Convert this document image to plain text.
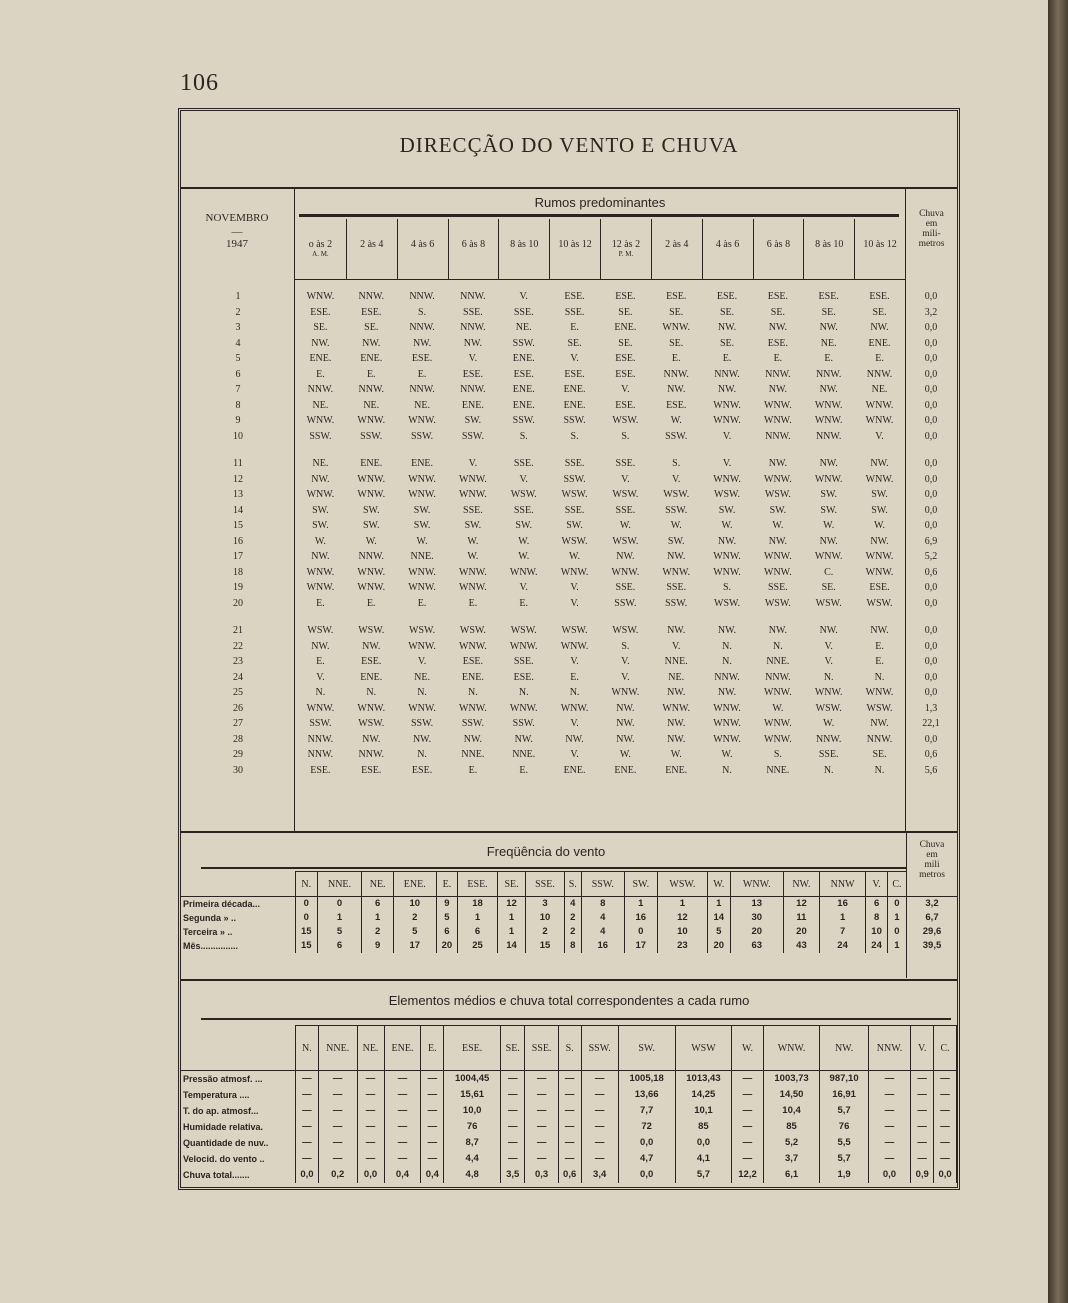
106
DIRECÇÃO DO VENTO E CHUVA
NOVEMBRO
—
1947
Rumos predominantes
Chuva
em
mili-
metros
o às 2
A. M.
2 às 4	4 às 6	6 às 8	8 às 10	10 às 12	12 às 2
P. M.
2 às 4	4 às 6	6 às 8	8 às 10	10 às 12
1	WNW.	NNW.	NNW.	NNW.	V.	ESE.	ESE.	ESE.	ESE.	ESE.	ESE.	ESE.	0,0
2	ESE.	ESE.	S.	SSE.	SSE.	SSE.	SE.	SE.	SE.	SE.	SE.	SE.	3,2
3	SE.	SE.	NNW.	NNW.	NE.	E.	ENE.	WNW.	NW.	NW.	NW.	NW.	0,0
4	NW.	NW.	NW.	NW.	SSW.	SE.	SE.	SE.	SE.	ESE.	NE.	ENE.	0,0
5	ENE.	ENE.	ESE.	V.	ENE.	V.	ESE.	E.	E.	E.	E.	E.	0,0
6	E.	E.	E.	ESE.	ESE.	ESE.	ESE.	NNW.	NNW.	NNW.	NNW.	NNW.	0,0
7	NNW.	NNW.	NNW.	NNW.	ENE.	ENE.	V.	NW.	NW.	NW.	NW.	NE.	0,0
8	NE.	NE.	NE.	ENE.	ENE.	ENE.	ESE.	ESE.	WNW.	WNW.	WNW.	WNW.	0,0
9	WNW.	WNW.	WNW.	SW.	SSW.	SSW.	WSW.	W.	WNW.	WNW.	WNW.	WNW.	0,0
10	SSW.	SSW.	SSW.	SSW.	S.	S.	S.	SSW.	V.	NNW.	NNW.	V.	0,0

11	NE.	ENE.	ENE.	V.	SSE.	SSE.	SSE.	S.	V.	NW.	NW.	NW.	0,0
12	NW.	WNW.	WNW.	WNW.	V.	SSW.	V.	V.	WNW.	WNW.	WNW.	WNW.	0,0
13	WNW.	WNW.	WNW.	WNW.	WSW.	WSW.	WSW.	WSW.	WSW.	WSW.	SW.	SW.	0,0
14	SW.	SW.	SW.	SSE.	SSE.	SSE.	SSE.	SSW.	SW.	SW.	SW.	SW.	0,0
15	SW.	SW.	SW.	SW.	SW.	SW.	W.	W.	W.	W.	W.	W.	0,0
16	W.	W.	W.	W.	W.	WSW.	WSW.	SW.	NW.	NW.	NW.	NW.	6,9
17	NW.	NNW.	NNE.	W.	W.	W.	NW.	NW.	WNW.	WNW.	WNW.	WNW.	5,2
18	WNW.	WNW.	WNW.	WNW.	WNW.	WNW.	WNW.	WNW.	WNW.	WNW.	C.	WNW.	0,6
19	WNW.	WNW.	WNW.	WNW.	V.	V.	SSE.	SSE.	S.	SSE.	SE.	ESE.	0,0
20	E.	E.	E.	E.	E.	V.	SSW.	SSW.	WSW.	WSW.	WSW.	WSW.	0,0

21	WSW.	WSW.	WSW.	WSW.	WSW.	WSW.	WSW.	NW.	NW.	NW.	NW.	NW.	0,0
22	NW.	NW.	WNW.	WNW.	WNW.	WNW.	S.	V.	N.	N.	V.	E.	0,0
23	E.	ESE.	V.	ESE.	SSE.	V.	V.	NNE.	N.	NNE.	V.	E.	0,0
24	V.	ENE.	NE.	ENE.	ESE.	E.	V.	NE.	NNW.	NNW.	N.	N.	0,0
25	N.	N.	N.	N.	N.	N.	WNW.	NW.	NW.	WNW.	WNW.	WNW.	0,0
26	WNW.	WNW.	WNW.	WNW.	WNW.	WNW.	NW.	WNW.	WNW.	W.	WSW.	WSW.	1,3
27	SSW.	WSW.	SSW.	SSW.	SSW.	V.	NW.	NW.	WNW.	WNW.	W.	NW.	22,1
28	NNW.	NW.	NW.	NW.	NW.	NW.	NW.	NW.	WNW.	WNW.	NNW.	NNW.	0,0
29	NNW.	NNW.	N.	NNE.	NNE.	V.	W.	W.	W.	S.	SSE.	SE.	0,6
30	ESE.	ESE.	ESE.	E.	E.	ENE.	ENE.	ENE.	N.	NNE.	N.	N.	5,6
Freqüência do vento	Chuva
em
mili
metros
	N.	NNE.	NE.	ENE.	E.	ESE.	SE.	SSE.	S.	SSW.	SW.	WSW.	W.	WNW.	NW.	NNW	V.	C.	
Primeira década...	0	0	6	10	9	18	12	3	4	8	1	1	1	13	12	16	6	0	3,2
Segunda » ..	0	1	1	2	5	1	1	10	2	4	16	12	14	30	11	1	8	1	6,7
Terceira » ..	15	5	2	5	6	6	1	2	2	4	0	10	5	20	20	7	10	0	29,6
Mês...............	15	6	9	17	20	25	14	15	8	16	17	23	20	63	43	24	24	1	39,5
Elementos médios e chuva total correspondentes a cada rumo
	N.	NNE.	NE.	ENE.	E.	ESE.	SE.	SSE.	S.	SSW.	SW.	WSW	W.	WNW.	NW.	NNW.	V.	C.
Pressão atmosf. ...	—	—	—	—	—	1004,45	—	—	—	—	1005,18	1013,43	—	1003,73	987,10	—	—	—
Temperatura ....	—	—	—	—	—	15,61	—	—	—	—	13,66	14,25	—	14,50	16,91	—	—	—
T. do ap. atmosf...	—	—	—	—	—	10,0	—	—	—	—	7,7	10,1	—	10,4	5,7	—	—	—
Humidade relativa.	—	—	—	—	—	76	—	—	—	—	72	85	—	85	76	—	—	—
Quantidade de nuv..	—	—	—	—	—	8,7	—	—	—	—	0,0	0,0	—	5,2	5,5	—	—	—
Velocid. do vento ..	—	—	—	—	—	4,4	—	—	—	—	4,7	4,1	—	3,7	5,7	—	—	—
Chuva total.......	0,0	0,2	0,0	0,4	0,4	4,8	3,5	0,3	0,6	3,4	0,0	5,7	12,2	6,1	1,9	0,0	0,9	0,0
